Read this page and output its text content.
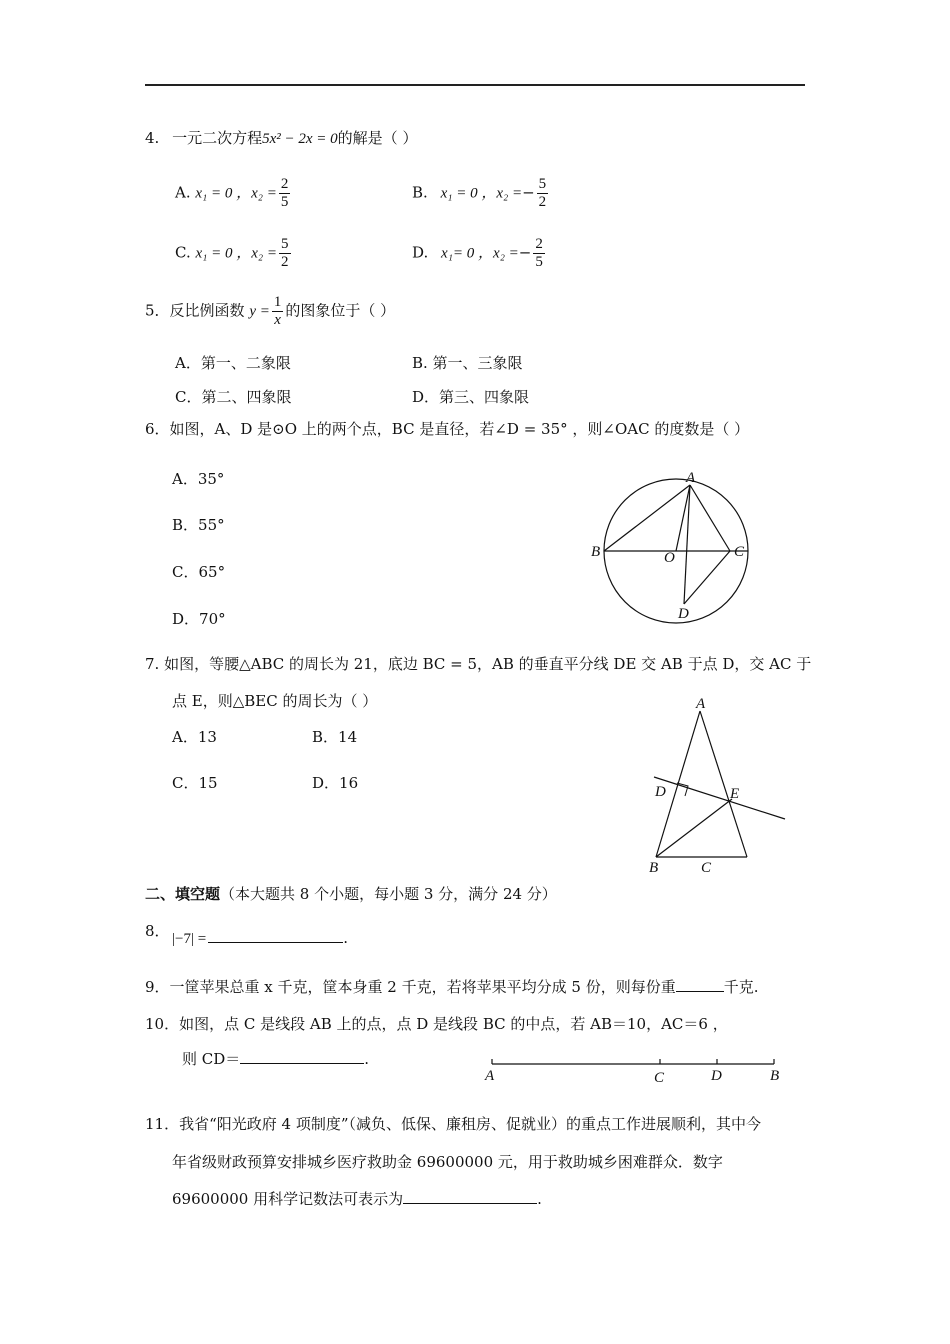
4. 一元二次方程5x² − 2x = 0的解是（ ）
A. x₁ = 0 ，$x_2 = \frac{2}{5}$	B. x₁ = 0 ，$x_2 =- \frac{5}{2}$
C. x₁ = 0 ，$x_2 = \frac{5}{2}$	D. x₁= 0 ，$x_2 =- \frac{2}{5}$
5．反比例函数 $y = \frac{1}{x}$ 的图象位于（ ）
A．第一、二象限	B. 第一、三象限
C．第二、四象限	D．第三、四象限
6．如图，A、D 是⊙O 上的两个点，BC 是直径，若∠D = 35° ，则∠OAC 的度数是（ ）
A．35°
B．55°
C．65°
D．70°
A
B	C
O
D
7. 如图，等腰△ABC 的周长为 21，底边 BC = 5，AB 的垂直平分线 DE 交 AB 于点 D，交 AC 于
点 E，则△BEC 的周长为（ ）
A．13	B．14
C．15	D．16
A
D	E
B	C
二、填空题（本大题共 8 个小题，每小题 3 分，满分 24 分）
8． |−7| =	.
9．一筐苹果总重 x 千克，筐本身重 2 千克，若将苹果平均分成 5 份，则每份重	千克.
10．如图，点 C 是线段 AB 上的点，点 D 是线段 BC 的中点，若 AB＝10，AC＝6 ，
则 CD＝	.
A	C	D	B
11．我省“阳光政府 4 项制度”（减负、低保、廉租房、促就业）的重点工作进展顺利，其中今
年省级财政预算安排城乡医疗救助金 69600000 元，用于救助城乡困难群众．数字
69600000 用科学记数法可表示为	.
